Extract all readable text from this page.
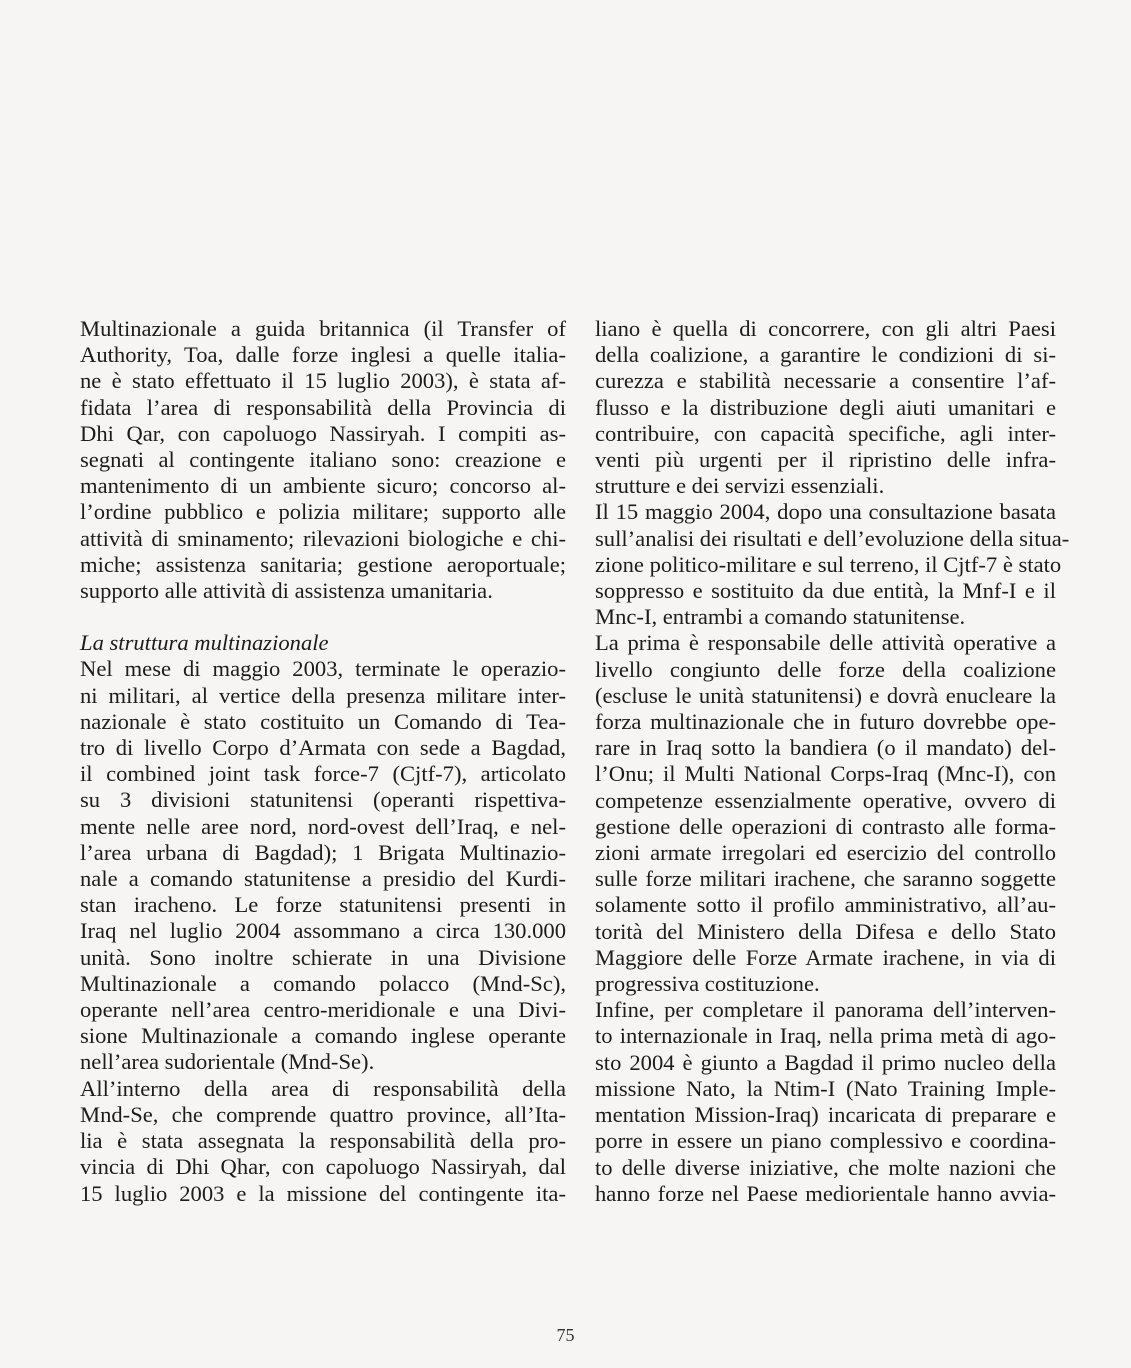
Multinazionale a guida britannica (il Transfer of

Authority, Toa, dalle forze inglesi a quelle italia-

ne è stato effettuato il 15 luglio 2003), è stata af-

fidata l’area di responsabilità della Provincia di

Dhi Qar, con capoluogo Nassiryah. I compiti as-

segnati al contingente italiano sono: creazione e

mantenimento di un ambiente sicuro; concorso al-

l’ordine pubblico e polizia militare; supporto alle

attività di sminamento; rilevazioni biologiche e chi-

miche; assistenza sanitaria; gestione aeroportuale;

supporto alle attività di assistenza umanitaria.

La struttura multinazionale

Nel mese di maggio 2003, terminate le operazio-

ni militari, al vertice della presenza militare inter-

nazionale è stato costituito un Comando di Tea-

tro di livello Corpo d’Armata con sede a Bagdad,

il combined joint task force-7 (Cjtf-7), articolato

su 3 divisioni statunitensi (operanti rispettiva-

mente nelle aree nord, nord-ovest dell’Iraq, e nel-

l’area urbana di Bagdad); 1 Brigata Multinazio-

nale a comando statunitense a presidio del Kurdi-

stan iracheno. Le forze statunitensi presenti in

Iraq nel luglio 2004 assommano a circa 130.000

unità. Sono inoltre schierate in una Divisione

Multinazionale a comando polacco (Mnd-Sc),

operante nell’area centro-meridionale e una Divi-

sione Multinazionale a comando inglese operante

nell’area sudorientale (Mnd-Se).

All’interno della area di responsabilità della

Mnd-Se, che comprende quattro province, all’Ita-

lia è stata assegnata la responsabilità della pro-

vincia di Dhi Qhar, con capoluogo Nassiryah, dal

15 luglio 2003 e la missione del contingente ita-

liano è quella di concorrere, con gli altri Paesi

della coalizione, a garantire le condizioni di si-

curezza e stabilità necessarie a consentire l’af-

flusso e la distribuzione degli aiuti umanitari e

contribuire, con capacità specifiche, agli inter-

venti più urgenti per il ripristino delle infra-

strutture e dei servizi essenziali.

Il 15 maggio 2004, dopo una consultazione basata

sull’analisi dei risultati e dell’evoluzione della situa-

zione politico-militare e sul terreno, il Cjtf-7 è stato

soppresso e sostituito da due entità, la Mnf-I e il

Mnc-I, entrambi a comando statunitense.

La prima è responsabile delle attività operative a

livello congiunto delle forze della coalizione

(escluse le unità statunitensi) e dovrà enucleare la

forza multinazionale che in futuro dovrebbe ope-

rare in Iraq sotto la bandiera (o il mandato) del-

l’Onu; il Multi National Corps-Iraq (Mnc-I), con

competenze essenzialmente operative, ovvero di

gestione delle operazioni di contrasto alle forma-

zioni armate irregolari ed esercizio del controllo

sulle forze militari irachene, che saranno soggette

solamente sotto il profilo amministrativo, all’au-

torità del Ministero della Difesa e dello Stato

Maggiore delle Forze Armate irachene, in via di

progressiva costituzione.

Infine, per completare il panorama dell’interven-

to internazionale in Iraq, nella prima metà di ago-

sto 2004 è giunto a Bagdad il primo nucleo della

missione Nato, la Ntim-I (Nato Training Imple-

mentation Mission-Iraq) incaricata di preparare e

porre in essere un piano complessivo e coordina-

to delle diverse iniziative, che molte nazioni che

hanno forze nel Paese mediorientale hanno avvia-

75
